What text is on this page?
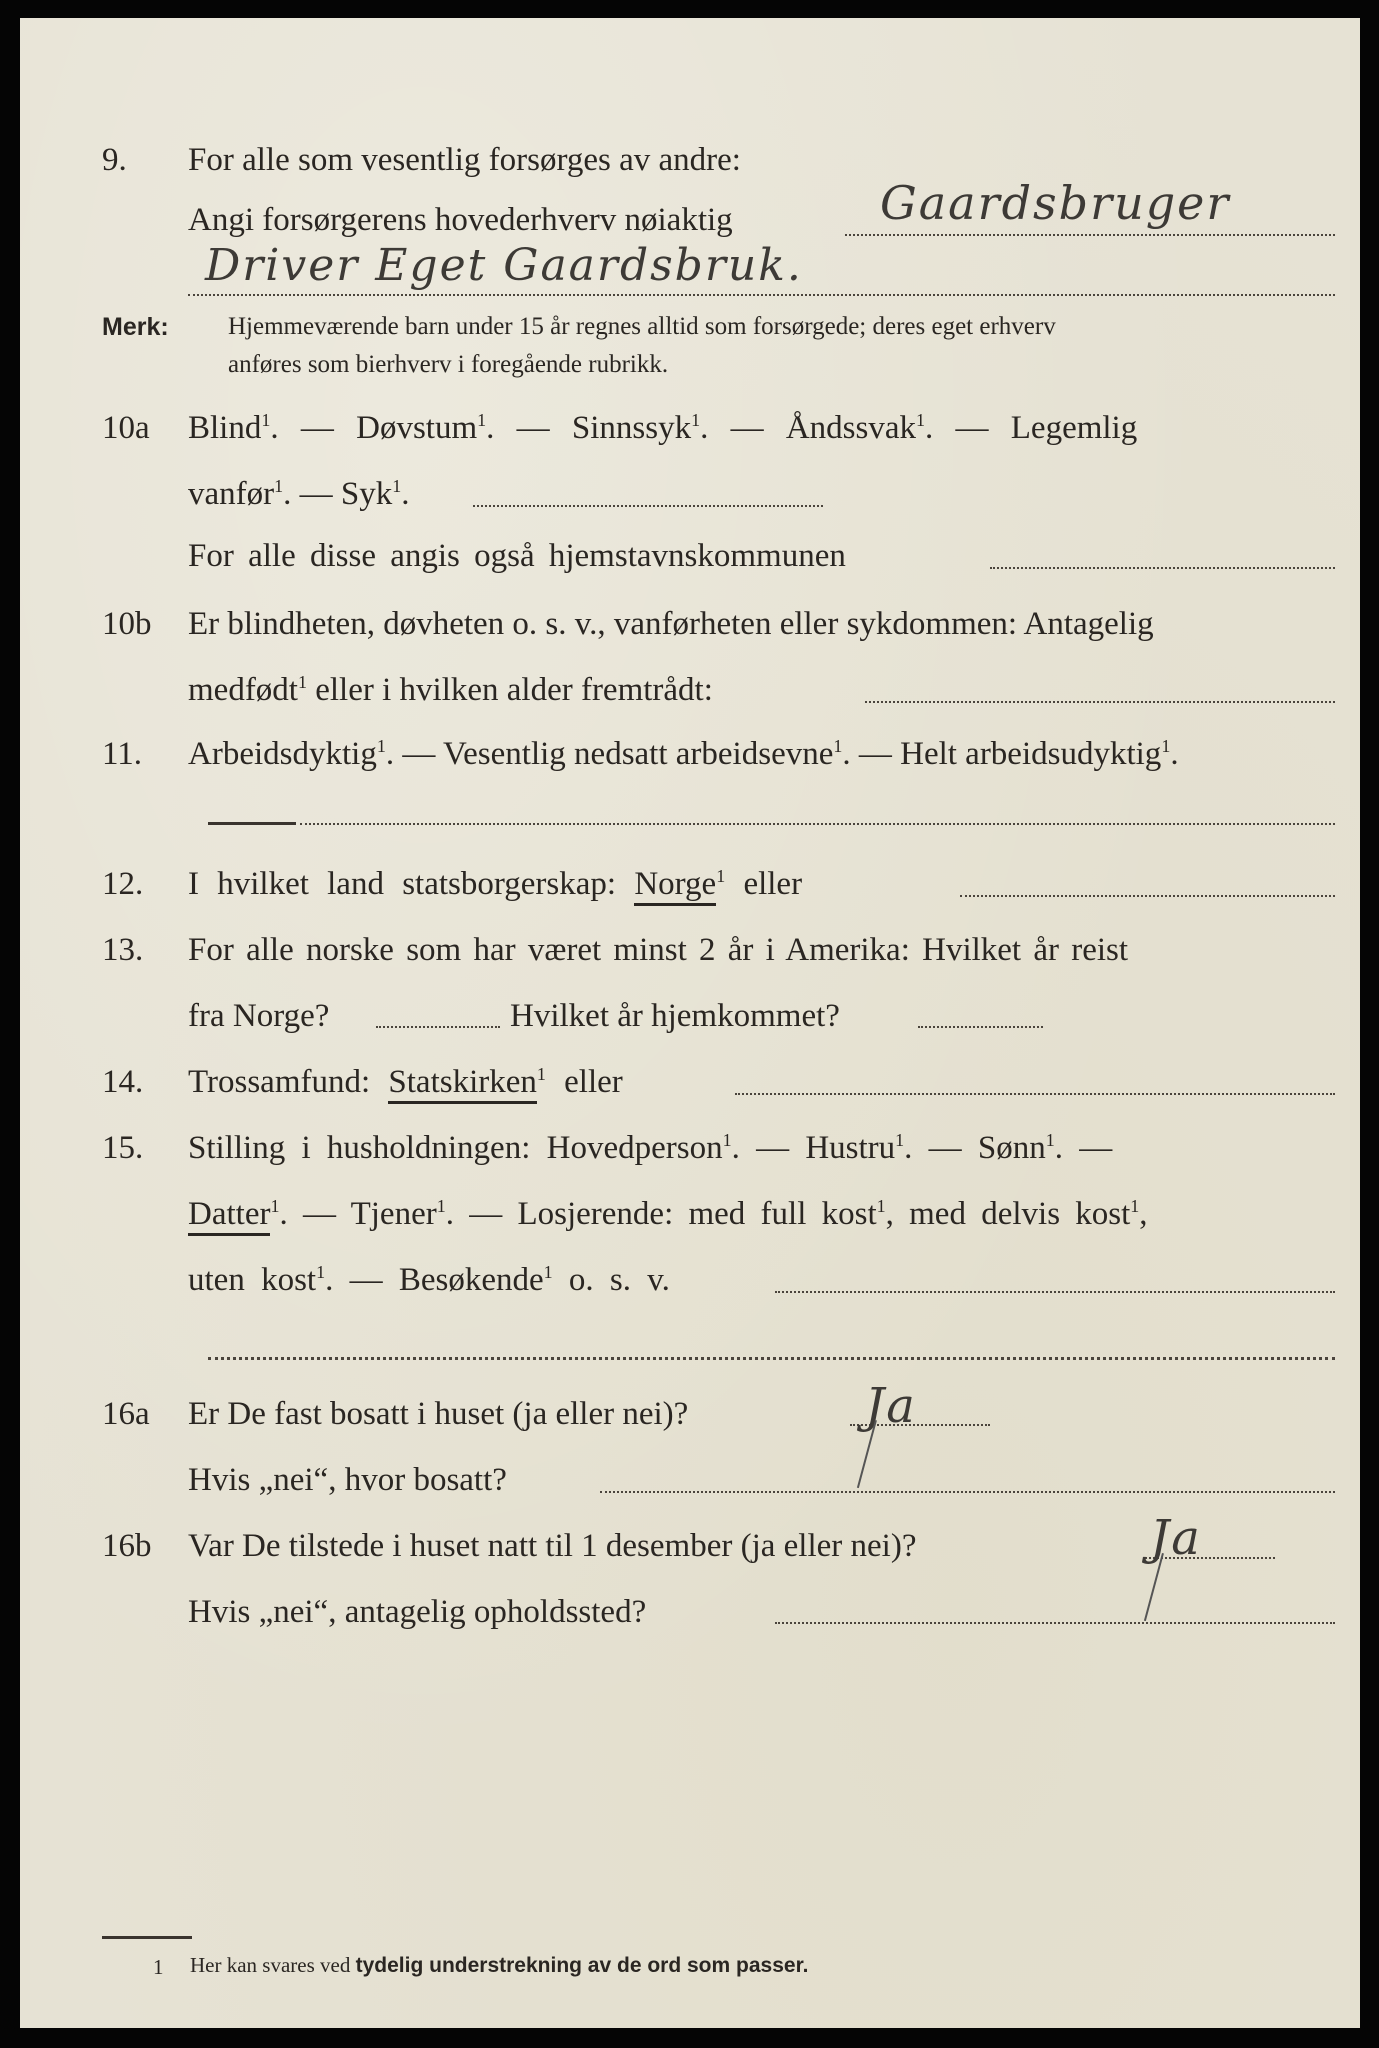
9. For alle som vesentlig forsørges av andre:
Angi forsørgerens hovederhverv nøiaktig	Gaardsbruger
Driver Eget Gaardsbruk.
Merk: Hjemmeværende barn under 15 år regnes alltid som forsørgede; deres eget erhverv
anføres som bierhverv i foregående rubrikk.
10a Blind$^1$. — Døvstum$^1$. — Sinnssyk$^1$. — Åndssvak$^1$. — Legemlig
vanfør$^1$. — Syk$^1$.
For alle disse angis også hjemstavnskommunen
10b Er blindheten, døvheten o. s. v., vanførheten eller sykdommen: Antagelig
medfødt$^1$ eller i hvilken alder fremtrådt:
11. Arbeidsdyktig$^1$. — Vesentlig nedsatt arbeidsevne$^1$. — Helt arbeidsudyktig$^1$.
12. I hvilket land statsborgerskap: Norge$^1$ eller
13. For alle norske som har været minst 2 år i Amerika: Hvilket år reist
fra Norge?	Hvilket år hjemkommet?
14. Trossamfund: Statskirken$^1$ eller
15. Stilling i husholdningen: Hovedperson$^1$. — Hustru$^1$. — Sønn$^1$. —
Datter$^1$. — Tjener$^1$. — Losjerende: med full kost$^1$, med delvis kost$^1$,
uten kost$^1$. — Besøkende$^1$ o. s. v.
16a Er De fast bosatt i huset (ja eller nei)?	Ja
Hvis „nei“, hvor bosatt?
16b Var De tilstede i huset natt til 1 desember (ja eller nei)?	Ja
Hvis „nei“, antagelig opholdssted?
1 Her kan svares ved tydelig understrekning av de ord som passer.
